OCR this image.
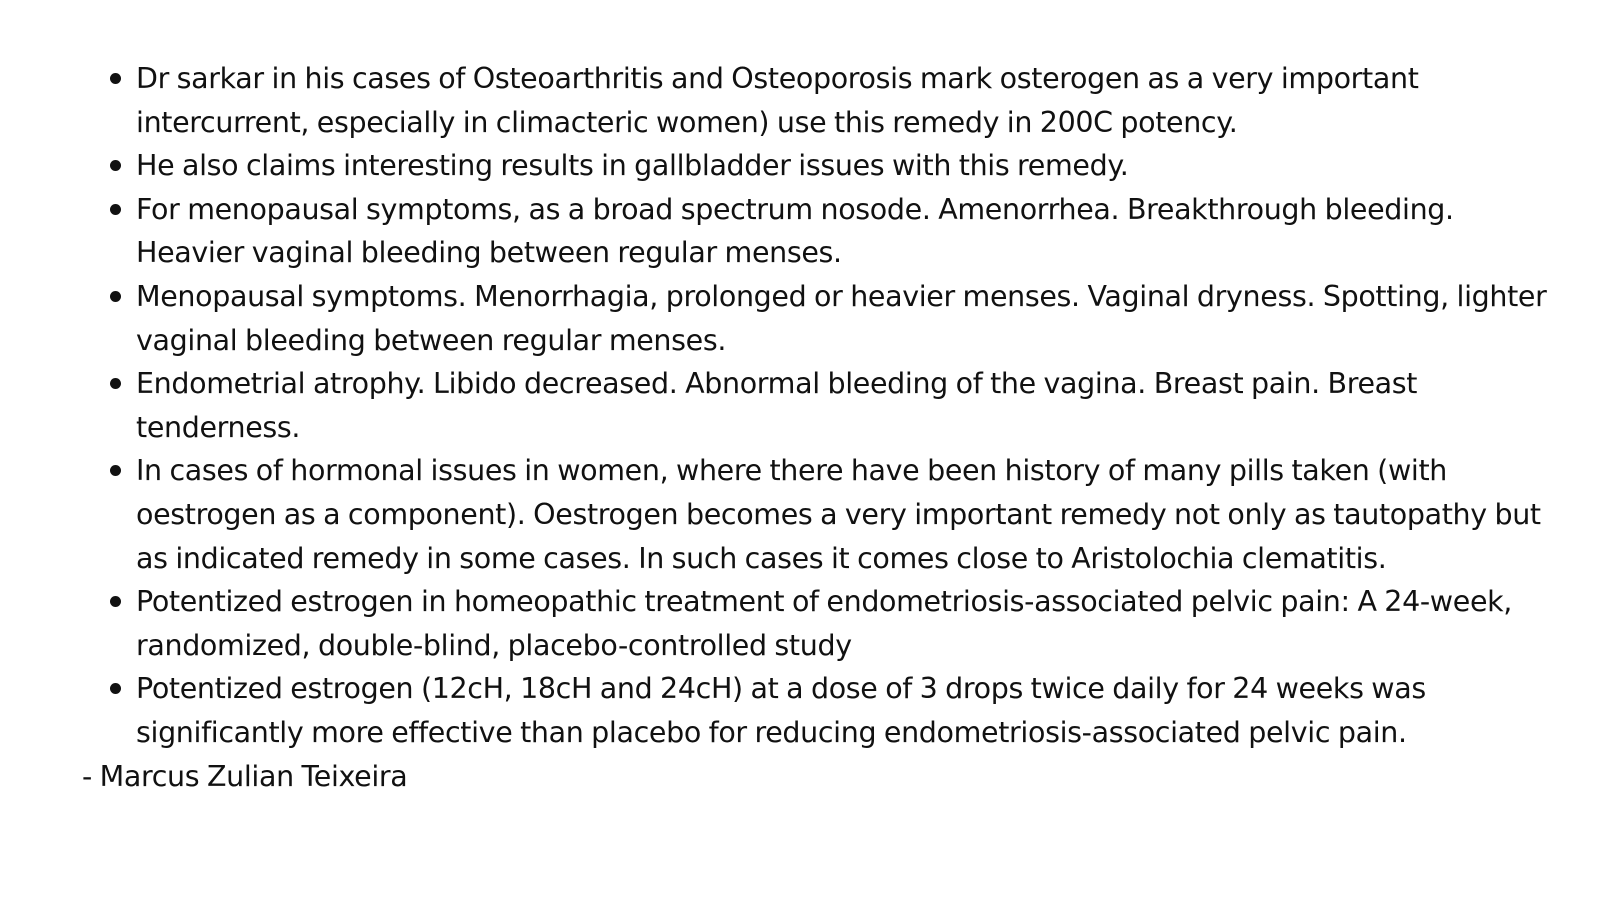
Dr sarkar in his cases of Osteoarthritis and Osteoporosis mark osterogen as a very important intercurrent, especially in climacteric women) use this remedy in 200C potency.
He also claims interesting results in gallbladder issues with this remedy.
For menopausal symptoms, as a broad spectrum nosode. Amenorrhea. Breakthrough bleeding. Heavier vaginal bleeding between regular menses.
Menopausal symptoms. Menorrhagia, prolonged or heavier menses. Vaginal dryness. Spotting, lighter vaginal bleeding between regular menses.
Endometrial atrophy. Libido decreased. Abnormal bleeding of the vagina. Breast pain. Breast tenderness.
In cases of hormonal issues in women, where there have been history of many pills taken (with oestrogen as a component). Oestrogen becomes a very important remedy not only as tautopathy but as indicated remedy in some cases. In such cases it comes close to Aristolochia clematitis.
Potentized estrogen in homeopathic treatment of endometriosis-associated pelvic pain: A 24-week, randomized, double-blind, placebo-controlled study
Potentized estrogen (12cH, 18cH and 24cH) at a dose of 3 drops twice daily for 24 weeks was significantly more effective than placebo for reducing endometriosis-associated pelvic pain.

- Marcus Zulian Teixeira
